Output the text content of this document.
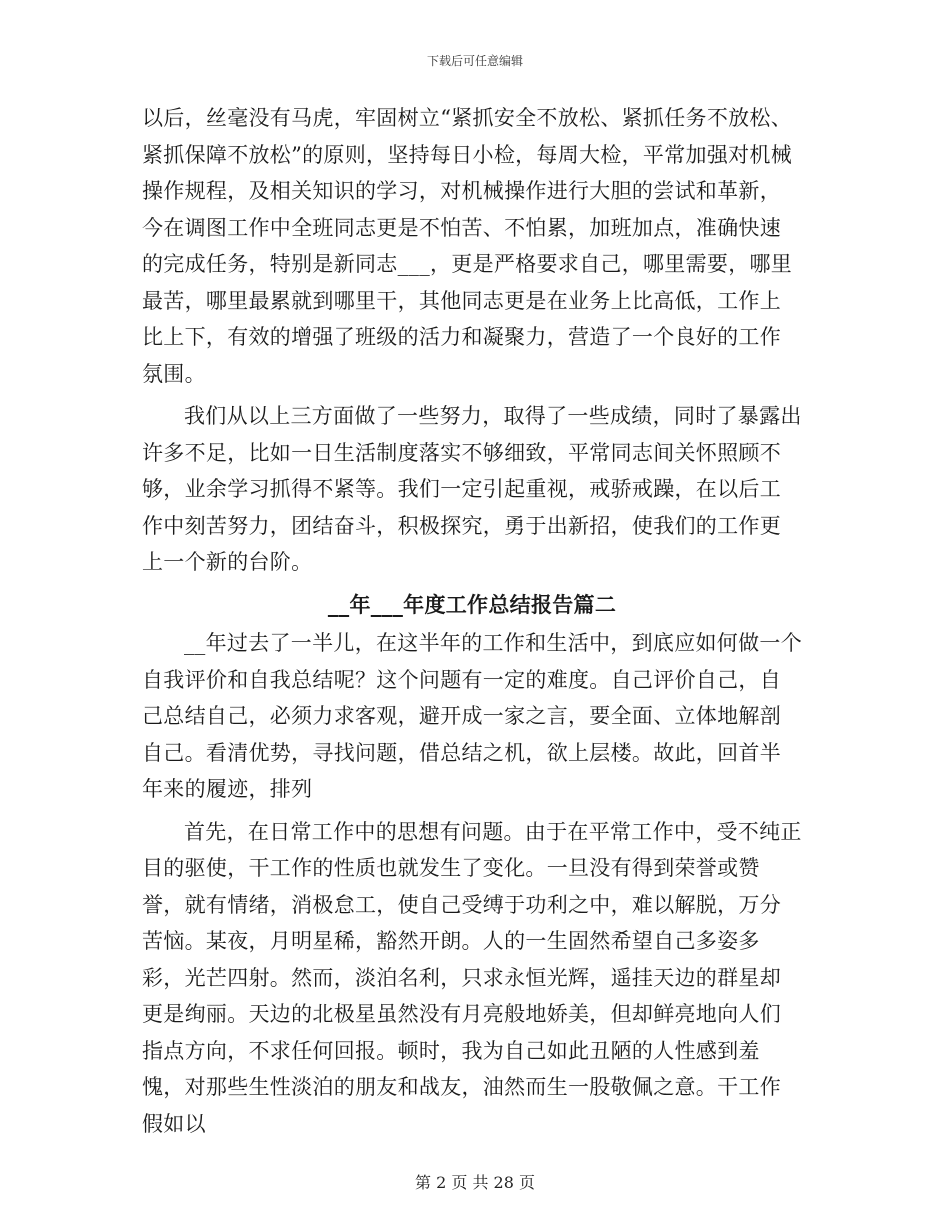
下载后可任意编辑

以后，丝毫没有马虎，牢固树立“紧抓安全不放松、紧抓任务不放松、紧抓保障不放松”的原则，坚持每日小检，每周大检，平常加强对机械操作规程，及相关知识的学习，对机械操作进行大胆的尝试和革新，今在调图工作中全班同志更是不怕苦、不怕累，加班加点，准确快速的完成任务，特别是新同志___，更是严格要求自己，哪里需要，哪里最苦，哪里最累就到哪里干，其他同志更是在业务上比高低，工作上比上下，有效的增强了班级的活力和凝聚力，营造了一个良好的工作氛围。

我们从以上三方面做了一些努力，取得了一些成绩，同时了暴露出许多不足，比如一日生活制度落实不够细致，平常同志间关怀照顾不够，业余学习抓得不紧等。我们一定引起重视，戒骄戒躁，在以后工作中刻苦努力，团结奋斗，积极探究，勇于出新招，使我们的工作更上一个新的台阶。

__年___年度工作总结报告篇二

__年过去了一半儿，在这半年的工作和生活中，到底应如何做一个自我评价和自我总结呢？这个问题有一定的难度。自己评价自己，自己总结自己，必须力求客观，避开成一家之言，要全面、立体地解剖自己。看清优势，寻找问题，借总结之机，欲上层楼。故此，回首半年来的履迹，排列

首先，在日常工作中的思想有问题。由于在平常工作中，受不纯正目的驱使，干工作的性质也就发生了变化。一旦没有得到荣誉或赞誉，就有情绪，消极怠工，使自己受缚于功利之中，难以解脱，万分苦恼。某夜，月明星稀，豁然开朗。人的一生固然希望自己多姿多彩，光芒四射。然而，淡泊名利，只求永恒光辉，遥挂天边的群星却更是绚丽。天边的北极星虽然没有月亮般地娇美，但却鲜亮地向人们指点方向，不求任何回报。顿时，我为自己如此丑陋的人性感到羞愧，对那些生性淡泊的朋友和战友，油然而生一股敬佩之意。干工作假如以

第 2 页 共 28 页
